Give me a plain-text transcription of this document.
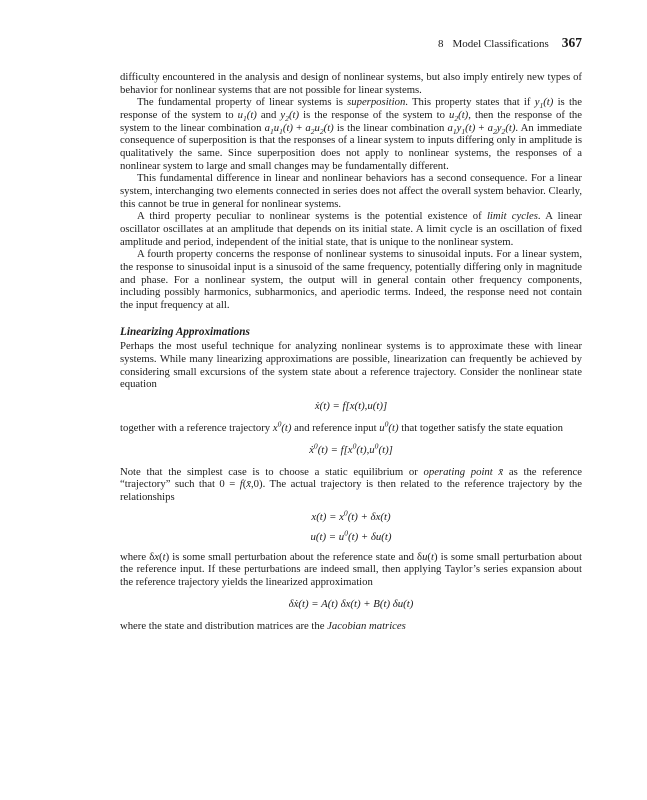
8 Model Classifications 367

difficulty encountered in the analysis and design of nonlinear systems, but also imply entirely new types of behavior for nonlinear systems that are not possible for linear systems.

The fundamental property of linear systems is superposition. This property states that if $y_1(t)$ is the response of the system to $u_1(t)$ and $y_2(t)$ is the response of the system to $u_2(t)$, then the response of the system to the linear combination $a_1u_1(t) + a_2u_2(t)$ is the linear combination $a_1y_1(t) + a_2y_2(t)$. An immediate consequence of superposition is that the responses of a linear system to inputs differing only in amplitude is qualitatively the same. Since superposition does not apply to nonlinear systems, the responses of a nonlinear system to large and small changes may be fundamentally different.

This fundamental difference in linear and nonlinear behaviors has a second consequence. For a linear system, interchanging two elements connected in series does not affect the overall system behavior. Clearly, this cannot be true in general for nonlinear systems.

A third property peculiar to nonlinear systems is the potential existence of limit cycles. A linear oscillator oscillates at an amplitude that depends on its initial state. A limit cycle is an oscillation of fixed amplitude and period, independent of the initial state, that is unique to the nonlinear system.

A fourth property concerns the response of nonlinear systems to sinusoidal inputs. For a linear system, the response to sinusoidal input is a sinusoid of the same frequency, potentially differing only in magnitude and phase. For a nonlinear system, the output will in general contain other frequency components, including possibly harmonics, subharmonics, and aperiodic terms. Indeed, the response need not contain the input frequency at all.

Linearizing Approximations

Perhaps the most useful technique for analyzing nonlinear systems is to approximate these with linear systems. While many linearizing approximations are possible, linearization can frequently be achieved by considering small excursions of the system state about a reference trajectory. Consider the nonlinear state equation

ẋ(t) = f[x(t),u(t)]

together with a reference trajectory $x^0(t)$ and reference input $u^0(t)$ that together satisfy the state equation

ẋ$^0$(t) = $f[x^0(t),u^0(t)]$

Note that the simplest case is to choose a static equilibrium or operating point x̄ as the reference “trajectory” such that 0 = f(x̄,0). The actual trajectory is then related to the reference trajectory by the relationships

$x(t) = x^0(t) + \delta x(t)$
$u(t) = u^0(t) + \delta u(t)$

where δx(t) is some small perturbation about the reference state and δu(t) is some small perturbation about the reference input. If these perturbations are indeed small, then applying Taylor’s series expansion about the reference trajectory yields the linearized approximation

δẋ(t) = A(t) δx(t) + B(t) δu(t)

where the state and distribution matrices are the Jacobian matrices
